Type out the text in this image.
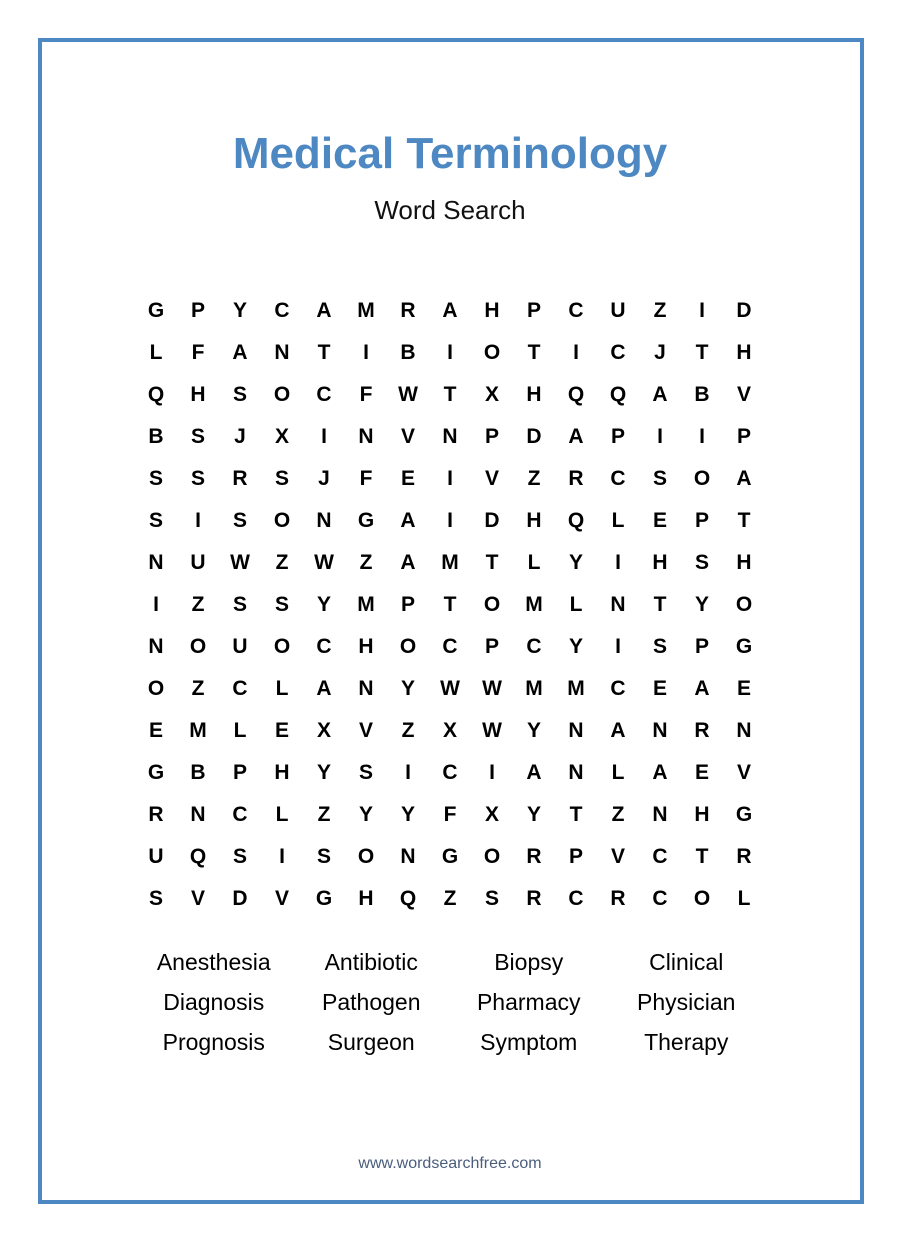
Medical Terminology
Word Search
G	P	Y	C	A	M	R	A	H	P	C	U	Z	I	D
L	F	A	N	T	I	B	I	O	T	I	C	J	T	H
Q	H	S	O	C	F	W	T	X	H	Q	Q	A	B	V
B	S	J	X	I	N	V	N	P	D	A	P	I	I	P
S	S	R	S	J	F	E	I	V	Z	R	C	S	O	A
S	I	S	O	N	G	A	I	D	H	Q	L	E	P	T
N	U	W	Z	W	Z	A	M	T	L	Y	I	H	S	H
I	Z	S	S	Y	M	P	T	O	M	L	N	T	Y	O
N	O	U	O	C	H	O	C	P	C	Y	I	S	P	G
O	Z	C	L	A	N	Y	W	W	M	M	C	E	A	E
E	M	L	E	X	V	Z	X	W	Y	N	A	N	R	N
G	B	P	H	Y	S	I	C	I	A	N	L	A	E	V
R	N	C	L	Z	Y	Y	F	X	Y	T	Z	N	H	G
U	Q	S	I	S	O	N	G	O	R	P	V	C	T	R
S	V	D	V	G	H	Q	Z	S	R	C	R	C	O	L
Anesthesia	Antibiotic	Biopsy	Clinical
Diagnosis	Pathogen	Pharmacy	Physician
Prognosis	Surgeon	Symptom	Therapy
www.wordsearchfree.com
